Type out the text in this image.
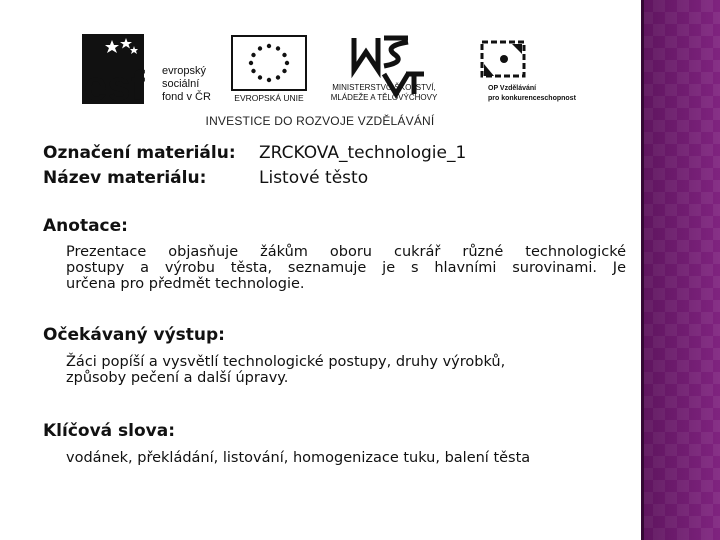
esf evropský
sociální
fond v ČR	EVROPSKÁ UNIE
MINISTERSTVO ŠKOLSTVÍ,
MLÁDEŽE A TĚLOVÝCHOVY
OP Vzdělávání
pro konkurenceschopnost
INVESTICE DO ROZVOJE VZDĚLÁVÁNÍ
Označení materiálu: ZRCKOVA_technologie_1
Název materiálu:	Listové těsto
Anotace:
Prezentace objasňuje žákům oboru cukrář různé technologické
postupy a výrobu těsta, seznamuje je s hlavními surovinami. Je
určena pro předmět technologie.
Očekávaný výstup:
Žáci popíší a vysvětlí technologické postupy, druhy výrobků,
způsoby pečení a další úpravy.
Klíčová slova:
vodánek, překládání, listování, homogenizace tuku, balení těsta
